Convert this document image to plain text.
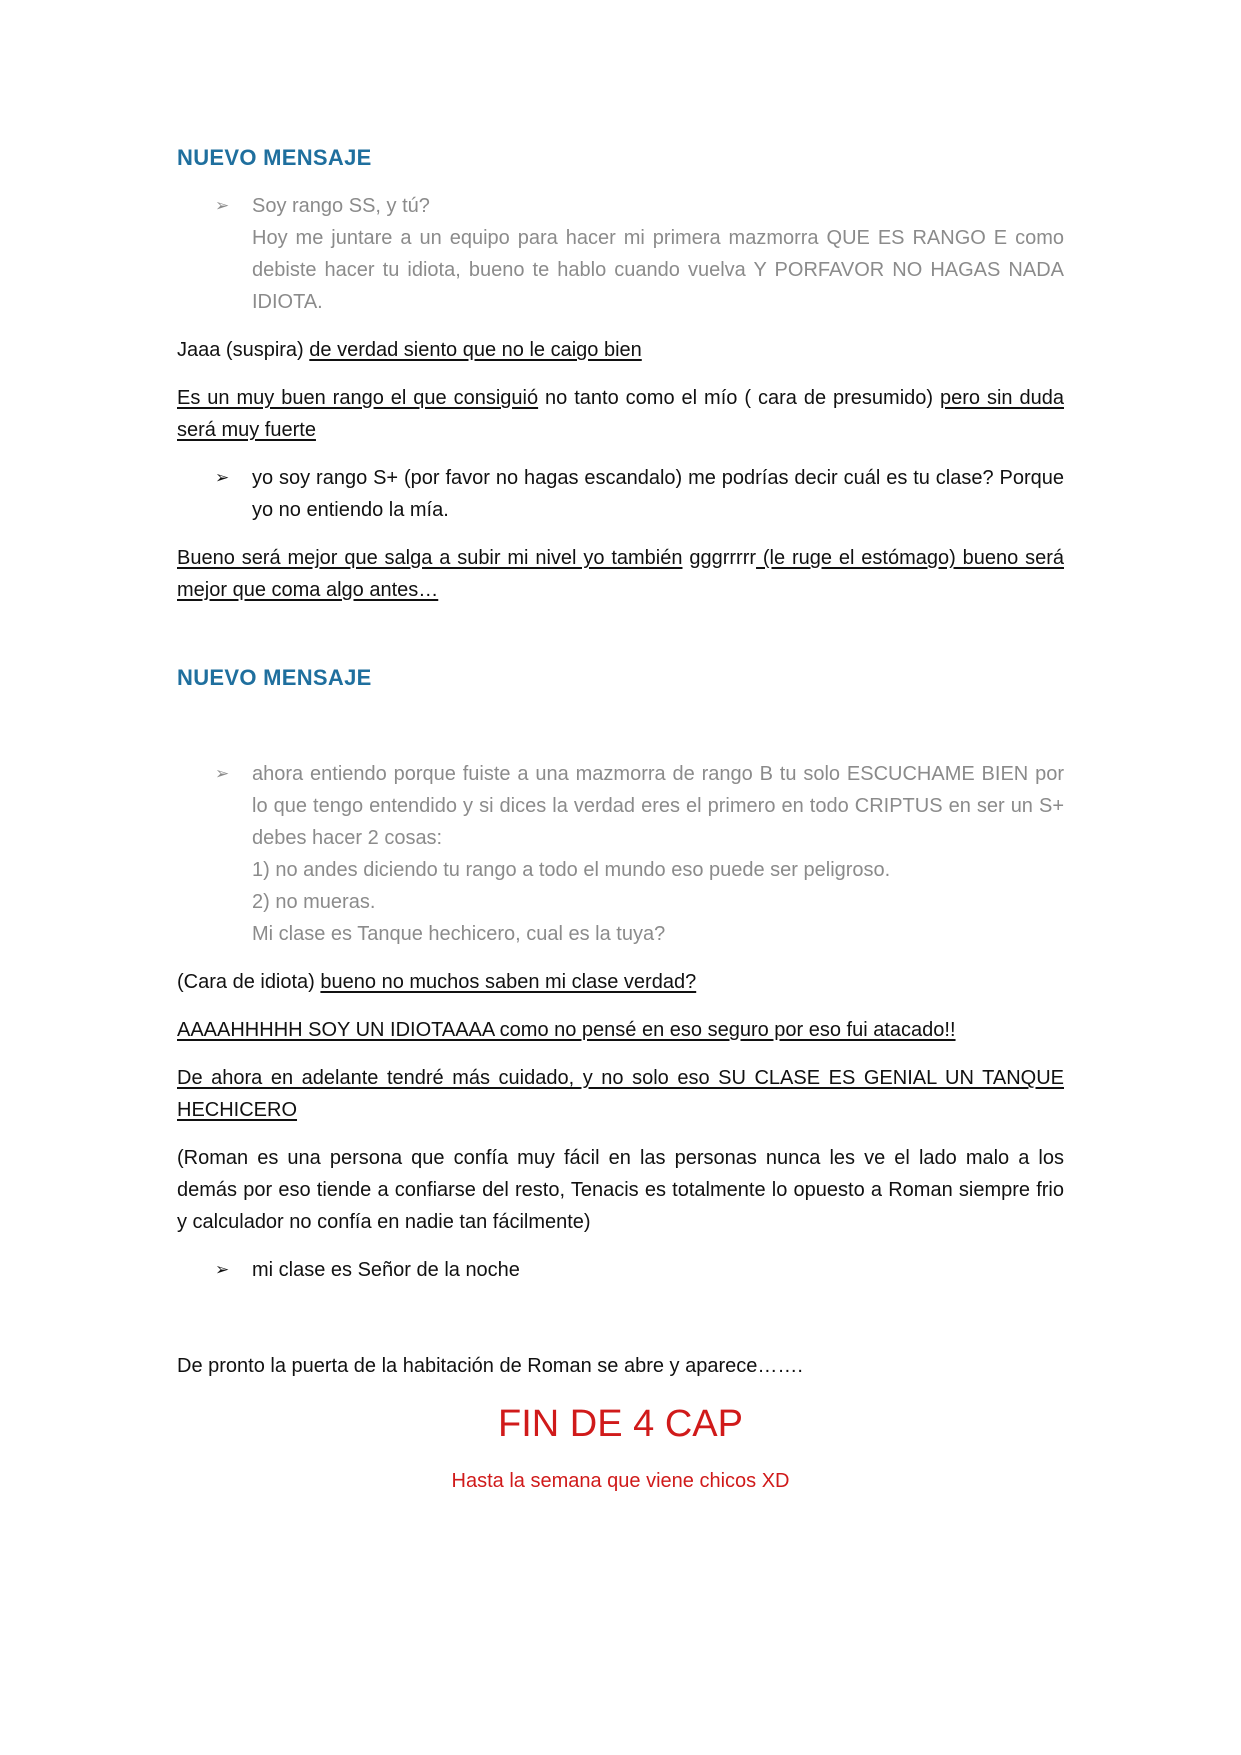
NUEVO MENSAJE
➢ Soy rango SS, y tú?
Hoy me juntare a un equipo para hacer mi primera mazmorra QUE ES RANGO E como debiste hacer tu idiota, bueno te hablo cuando vuelva Y PORFAVOR NO HAGAS NADA IDIOTA.

Jaaa (suspira) de verdad siento que no le caigo bien

Es un muy buen rango el que consiguió no tanto como el mío ( cara de presumido) pero sin duda será muy fuerte

➢ yo soy rango S+ (por favor no hagas escandalo) me podrías decir cuál es tu clase? Porque yo no entiendo la mía.

Bueno será mejor que salga a subir mi nivel yo también gggrrrrr (le ruge el estómago) bueno será mejor que coma algo antes…

NUEVO MENSAJE
➢ ahora entiendo porque fuiste a una mazmorra de rango B tu solo ESCUCHAME BIEN por lo que tengo entendido y si dices la verdad eres el primero en todo CRIPTUS en ser un S+ debes hacer 2 cosas:
1) no andes diciendo tu rango a todo el mundo eso puede ser peligroso.
2) no mueras.
Mi clase es Tanque hechicero, cual es la tuya?

(Cara de idiota) bueno no muchos saben mi clase verdad?

AAAAHHHHH SOY UN IDIOTAAAA como no pensé en eso seguro por eso fui atacado!!

De ahora en adelante tendré más cuidado, y no solo eso SU CLASE ES GENIAL UN TANQUE HECHICERO

(Roman es una persona que confía muy fácil en las personas nunca les ve el lado malo a los demás por eso tiende a confiarse del resto, Tenacis es totalmente lo opuesto a Roman siempre frio y calculador no confía en nadie tan fácilmente)

➢ mi clase es Señor de la noche

De pronto la puerta de la habitación de Roman se abre y aparece…….

FIN DE 4 CAP

Hasta la semana que viene chicos XD
